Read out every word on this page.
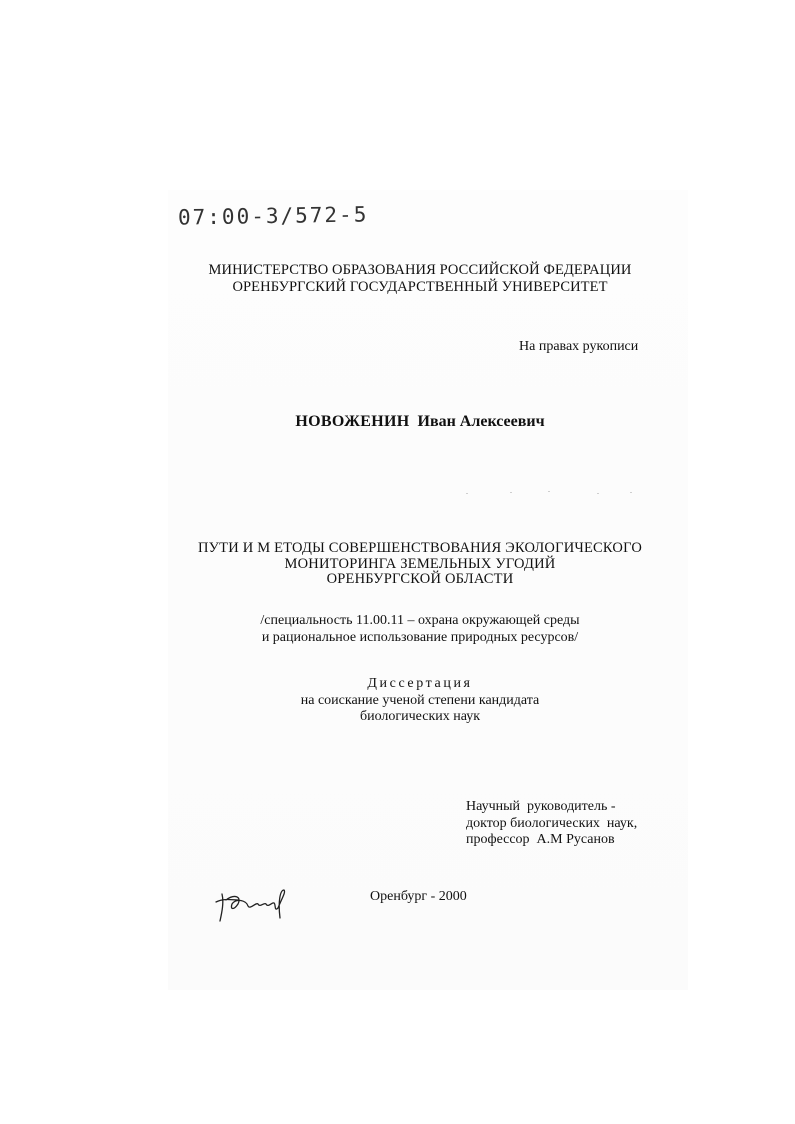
07:00-3/572-5
МИНИСТЕРСТВО ОБРАЗОВАНИЯ РОССИЙСКОЙ ФЕДЕРАЦИИ
ОРЕНБУРГСКИЙ ГОСУДАРСТВЕННЫЙ УНИВЕРСИТЕТ
На правах рукописи
НОВОЖЕНИН Иван Алексеевич
ПУТИ И М ЕТОДЫ СОВЕРШЕНСТВОВАНИЯ ЭКОЛОГИЧЕСКОГО
МОНИТОРИНГА ЗЕМЕЛЬНЫХ УГОДИЙ
ОРЕНБУРГСКОЙ ОБЛАСТИ
/специальность 11.00.11 – охрана окружающей среды
и рациональное использование природных ресурсов/
Диссертация
на соискание ученой степени кандидата
биологических наук
Научный  руководитель -
доктор биологических  наук,
профессор  А.М Русанов
Оренбург - 2000
